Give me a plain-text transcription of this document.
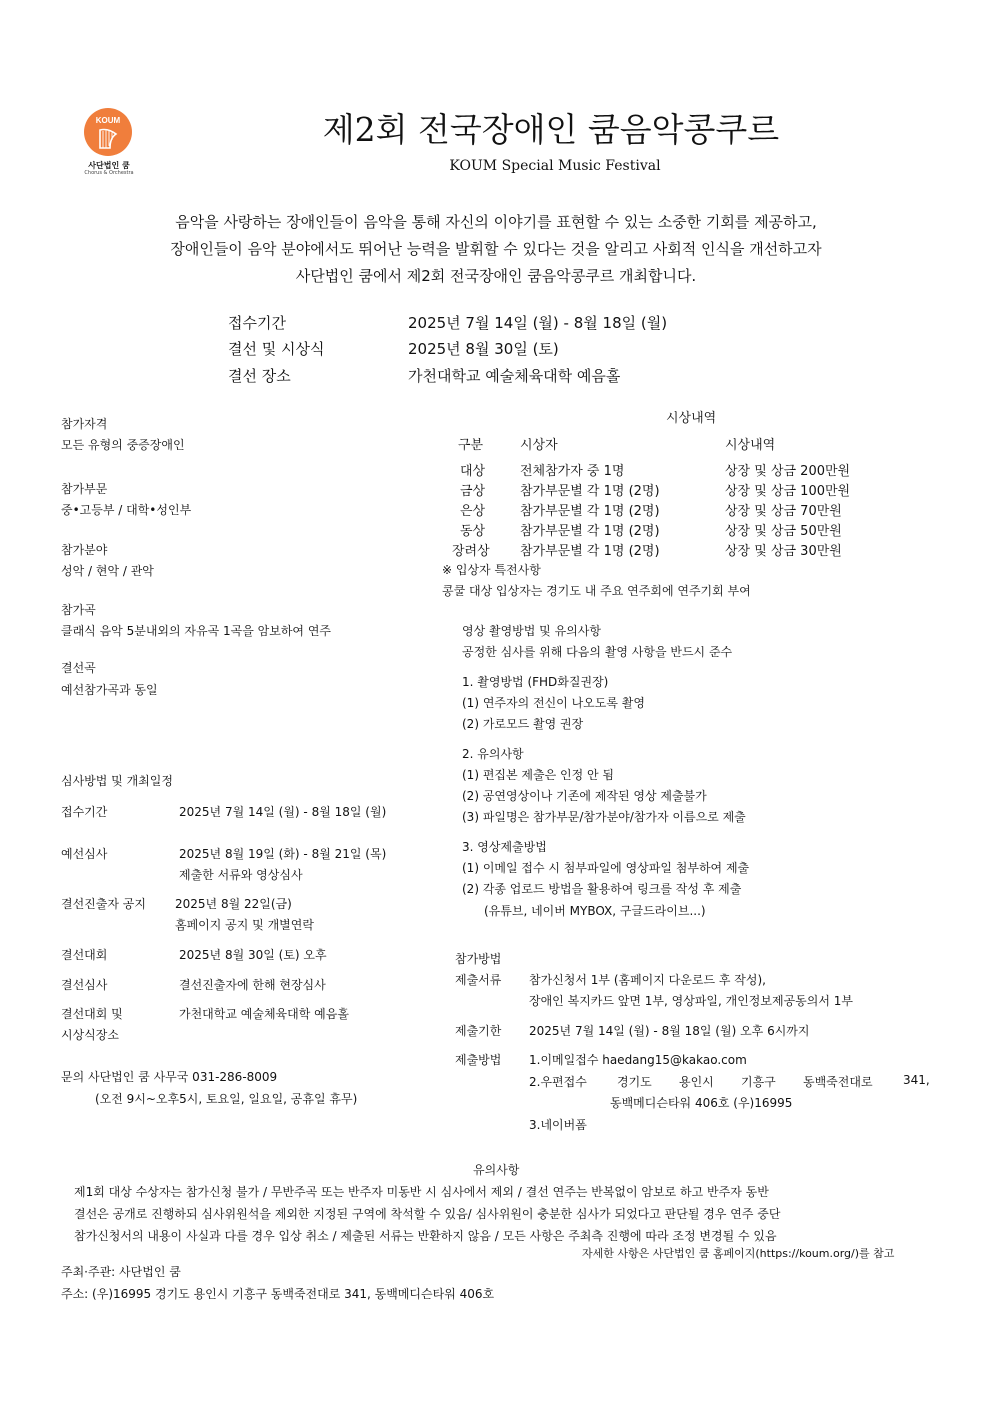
KOUM
사단법인 쿰
Chorus & Orchestra
제2회 전국장애인 쿰음악콩쿠르
KOUM Special Music Festival
음악을 사랑하는 장애인들이 음악을 통해 자신의 이야기를 표현할 수 있는 소중한 기회를 제공하고,
장애인들이 음악 분야에서도 뛰어난 능력을 발휘할 수 있다는 것을 알리고 사회적 인식을 개선하고자
사단법인 쿰에서 제2회 전국장애인 쿰음악콩쿠르 개최합니다.
접수기간	2025년 7월 14일 (월) - 8월 18일 (월)
결선 및 시상식	2025년 8월 30일 (토)
결선 장소	가천대학교 예술체육대학 예음홀
참가자격
모든 유형의 중증장애인
참가부문
중•고등부 / 대학•성인부
참가분야
성악 / 현악 / 관악
참가곡
클래식 음악 5분내외의 자유곡 1곡을 암보하여 연주
결선곡
예선참가곡과 동일
심사방법 및 개최일정
접수기간	2025년 7월 14일 (월) - 8월 18일 (월)
예선심사	2025년 8월 19일 (화) - 8월 21일 (목)
제출한 서류와 영상심사
결선진출자 공지 2025년 8월 22일(금)
홈페이지 공지 및 개별연락
결선대회	2025년 8월 30일 (토) 오후
결선심사	결선진출자에 한해 현장심사
결선대회 및
시상식장소
가천대학교 예술체육대학 예음홀
문의 사단법인 쿰 사무국 031-286-8009
(오전 9시~오후5시, 토요일, 일요일, 공휴일 휴무)
시상내역
구분	시상자	시상내역
대상	전체참가자 중 1명	상장 및 상금 200만원
금상	참가부문별 각 1명 (2명)	상장 및 상금 100만원
은상	참가부문별 각 1명 (2명)	상장 및 상금 70만원
동상	참가부문별 각 1명 (2명)	상장 및 상금 50만원
장려상 참가부문별 각 1명 (2명)	상장 및 상금 30만원
※ 입상자 특전사항
콩쿨 대상 입상자는 경기도 내 주요 연주회에 연주기회 부여
영상 촬영방법 및 유의사항
공정한 심사를 위해 다음의 촬영 사항을 반드시 준수
1. 촬영방법 (FHD화질권장)
(1) 연주자의 전신이 나오도록 촬영
(2) 가로모드 촬영 권장
2. 유의사항
(1) 편집본 제출은 인정 안 됨
(2) 공연영상이나 기존에 제작된 영상 제출불가
(3) 파일명은 참가부문/참가분야/참가자 이름으로 제출
3. 영상제출방법
(1) 이메일 접수 시 첨부파일에 영상파일 첨부하여 제출
(2) 각종 업로드 방법을 활용하여 링크를 작성 후 제출
(유튜브, 네이버 MYBOX, 구글드라이브...)
참가방법
제출서류 참가신청서 1부 (홈페이지 다운로드 후 작성),
장애인 복지카드 앞면 1부, 영상파일, 개인정보제공동의서 1부
제출기한 2025년 7월 14일 (월) - 8월 18일 (월) 오후 6시까지
제출방법 1.이메일접수 haedang15@kakao.com
2.우편접수	경기도 용인시 기흥구 동백죽전대로	341,
동백메디슨타워 406호 (우)16995
3.네이버폼
유의사항
제1회 대상 수상자는 참가신청 불가 / 무반주곡 또는 반주자 미동반 시 심사에서 제외 / 결선 연주는 반복없이 암보로 하고 반주자 동반
결선은 공개로 진행하되 심사위원석을 제외한 지정된 구역에 착석할 수 있음/ 심사위원이 충분한 심사가 되었다고 판단될 경우 연주 중단
참가신청서의 내용이 사실과 다를 경우 입상 취소 / 제출된 서류는 반환하지 않음 / 모든 사항은 주최측 진행에 따라 조정 변경될 수 있음
자세한 사항은 사단법인 쿰 홈페이지(https://koum.org/)를 참고
주최·주관: 사단법인 쿰
주소: (우)16995 경기도 용인시 기흥구 동백죽전대로 341, 동백메디슨타워 406호
